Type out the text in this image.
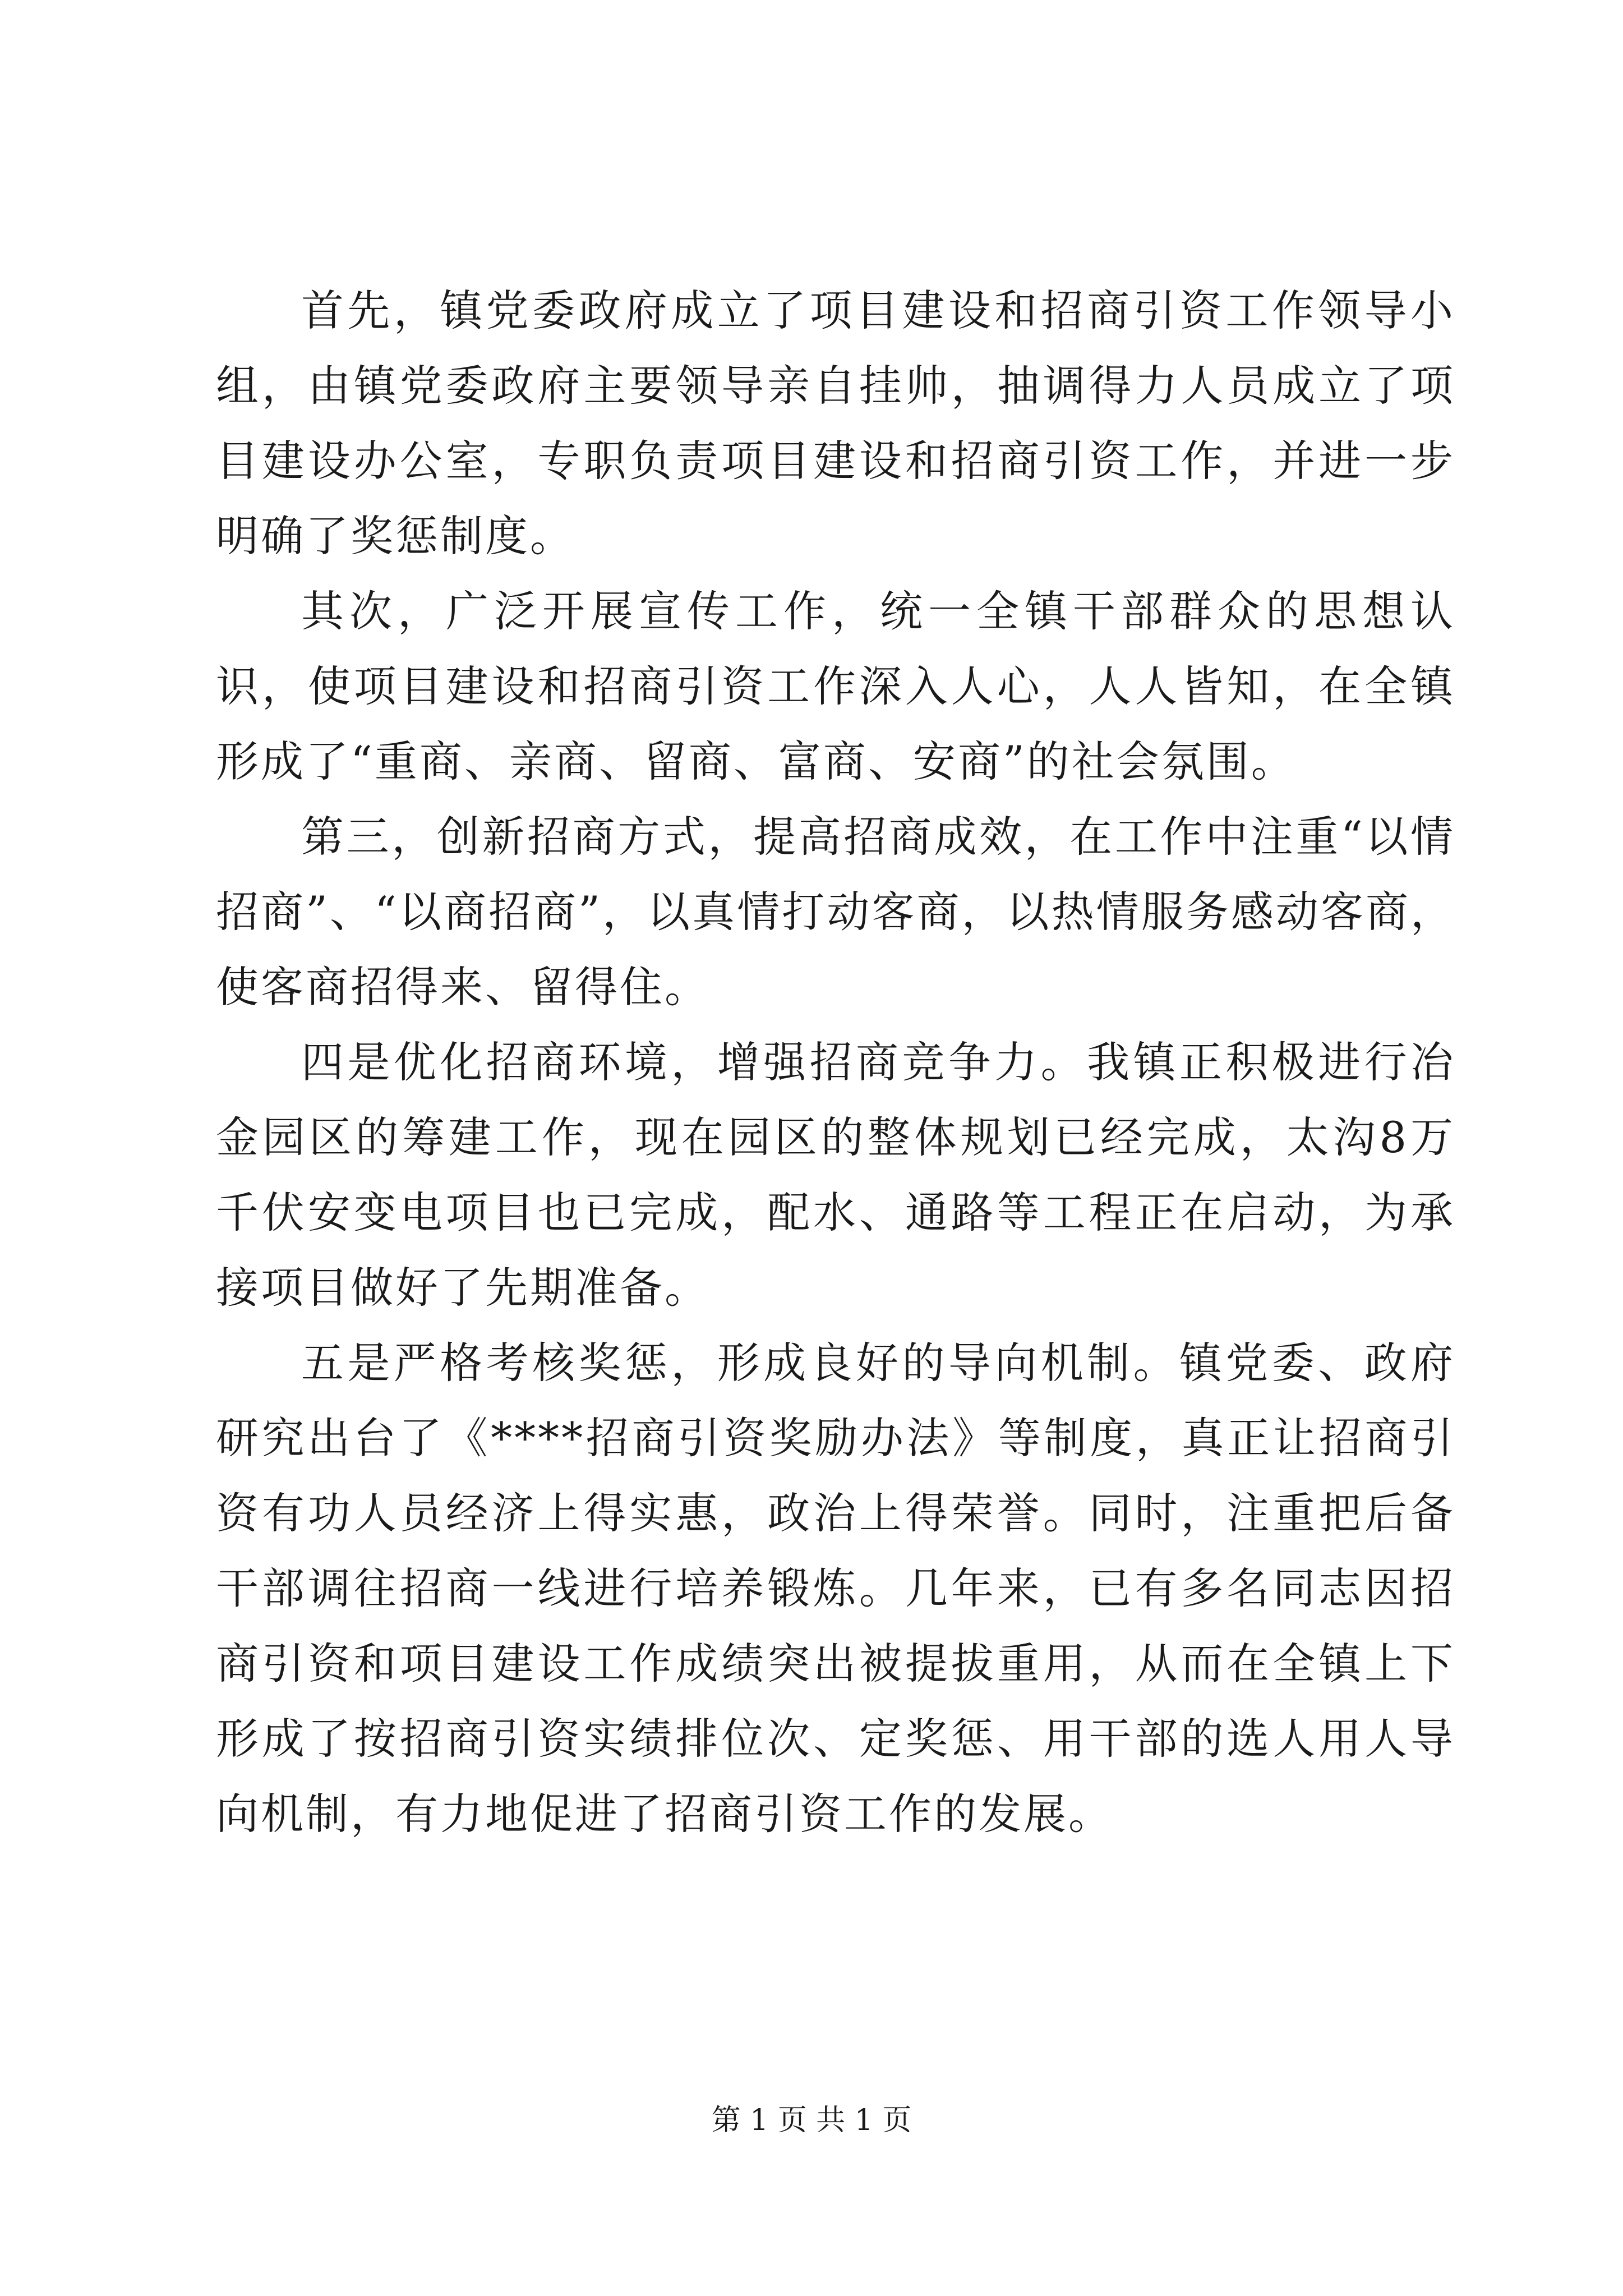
首先，镇党委政府成立了项目建设和招商引资工作领导小组，由镇党委政府主要领导亲自挂帅，抽调得力人员成立了项目建设办公室，专职负责项目建设和招商引资工作，并进一步明确了奖惩制度。

其次，广泛开展宣传工作，统一全镇干部群众的思想认识，使项目建设和招商引资工作深入人心，人人皆知，在全镇形成了“重商、亲商、留商、富商、安商”的社会氛围。

第三，创新招商方式，提高招商成效，在工作中注重“以情招商”、“以商招商”，以真情打动客商，以热情服务感动客商，使客商招得来、留得住。

四是优化招商环境，增强招商竞争力。我镇正积极进行冶金园区的筹建工作，现在园区的整体规划已经完成，太沟8万千伏安变电项目也已完成，配水、通路等工程正在启动，为承接项目做好了先期准备。

五是严格考核奖惩，形成良好的导向机制。镇党委、政府研究出台了《****招商引资奖励办法》等制度，真正让招商引资有功人员经济上得实惠，政治上得荣誉。同时，注重把后备干部调往招商一线进行培养锻炼。几年来，已有多名同志因招商引资和项目建设工作成绩突出被提拔重用，从而在全镇上下形成了按招商引资实绩排位次、定奖惩、用干部的选人用人导向机制，有力地促进了招商引资工作的发展。

第 1 页 共 1 页
